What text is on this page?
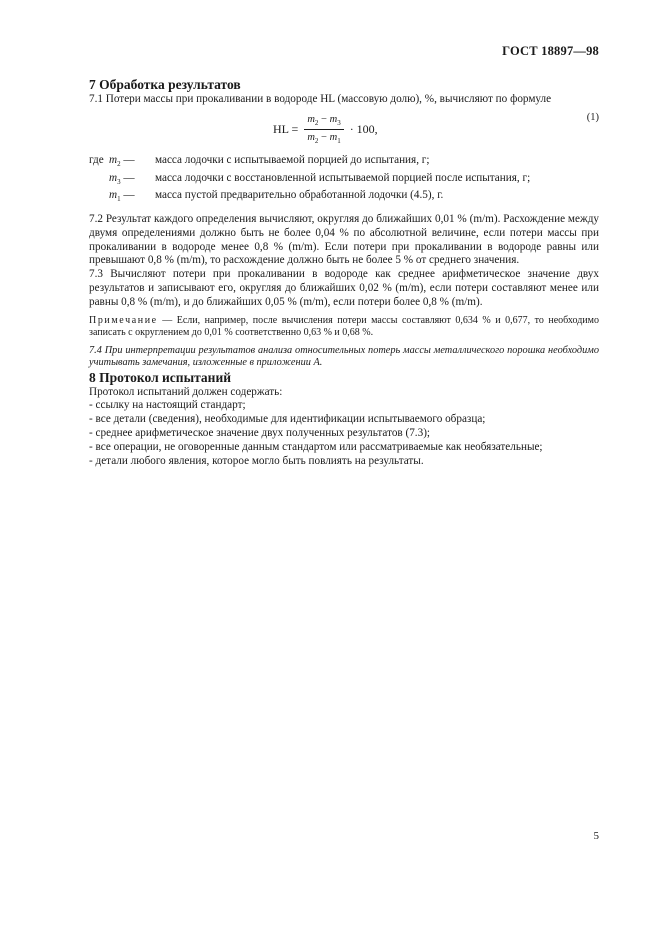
ГОСТ 18897—98
7 Обработка результатов

7.1 Потери массы при прокаливании в водороде HL (массовую долю), %, вычисляют по формуле

HL = $\frac{m_2 - m_3}{m_2 - m_1} \cdot 100$,
(1)
где $m_2$ —	масса лодочки с испытываемой порцией до испытания, г;
$m_3$ —	масса лодочки с восстановленной испытываемой порцией после испытания, г;
$m_1$ —	масса пустой предварительно обработанной лодочки (4.5), г.

7.2 Результат каждого определения вычисляют, округляя до ближайших 0,01 % (m/m). Расхождение между двумя определениями должно быть не более 0,04 % по абсолютной величине, если потери массы при прокаливании в водороде менее 0,8 % (m/m). Если потери при прокаливании в водороде равны или превышают 0,8 % (m/m), то расхождение должно быть не более 5 % от среднего значения.

7.3 Вычисляют потери при прокаливании в водороде как среднее арифметическое значение двух результатов и записывают его, округляя до ближайших 0,02 % (m/m), если потери составляют менее или равны 0,8 % (m/m), и до ближайших 0,05 % (m/m), если потери более 0,8 % (m/m).

Примечание — Если, например, после вычисления потери массы составляют 0,634 % и 0,677, то необходимо записать с округлением до 0,01 % соответственно 0,63 % и 0,68 %.

7.4 При интерпретации результатов анализа относительных потерь массы металлического порошка необходимо учитывать замечания, изложенные в приложении А.

8 Протокол испытаний

Протокол испытаний должен содержать:

- ссылку на настоящий стандарт;

- все детали (сведения), необходимые для идентификации испытываемого образца;

- среднее арифметическое значение двух полученных результатов (7.3);

- все операции, не оговоренные данным стандартом или рассматриваемые как необязательные;

- детали любого явления, которое могло быть повлиять на результаты.

5
